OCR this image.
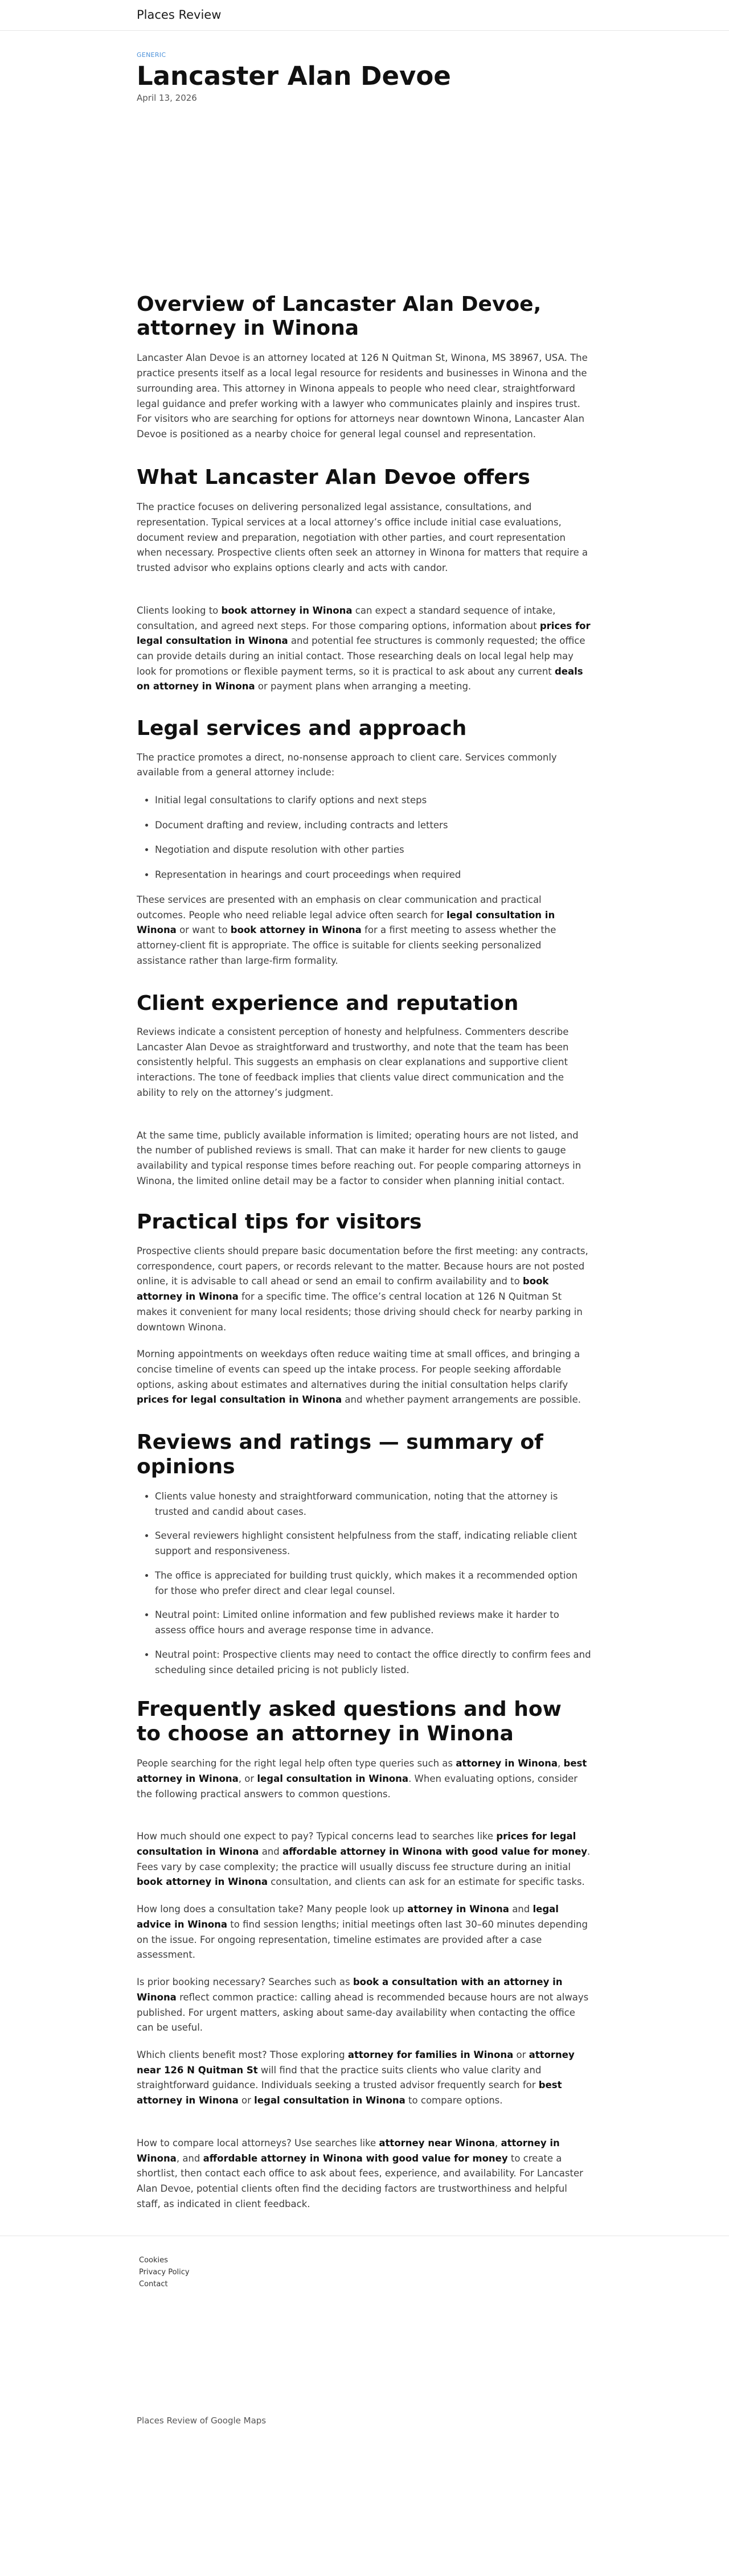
Places Review
GENERIC
Lancaster Alan Devoe
April 13, 2026
Overview of Lancaster Alan Devoe, attorney in Winona

Lancaster Alan Devoe is an attorney located at 126 N Quitman St, Winona, MS 38967, USA. The practice presents itself as a local legal resource for residents and businesses in Winona and the surrounding area. This attorney in Winona appeals to people who need clear, straightforward legal guidance and prefer working with a lawyer who communicates plainly and inspires trust. For visitors who are searching for options for attorneys near downtown Winona, Lancaster Alan Devoe is positioned as a nearby choice for general legal counsel and representation.

What Lancaster Alan Devoe offers

The practice focuses on delivering personalized legal assistance, consultations, and representation. Typical services at a local attorney’s office include initial case evaluations, document review and preparation, negotiation with other parties, and court representation when necessary. Prospective clients often seek an attorney in Winona for matters that require a trusted advisor who explains options clearly and acts with candor.

Clients looking to book attorney in Winona can expect a standard sequence of intake, consultation, and agreed next steps. For those comparing options, information about prices for legal consultation in Winona and potential fee structures is commonly requested; the office can provide details during an initial contact. Those researching deals on local legal help may look for promotions or flexible payment terms, so it is practical to ask about any current deals on attorney in Winona or payment plans when arranging a meeting.

Legal services and approach

The practice promotes a direct, no-nonsense approach to client care. Services commonly available from a general attorney include:

• Initial legal consultations to clarify options and next steps
• Document drafting and review, including contracts and letters
• Negotiation and dispute resolution with other parties
• Representation in hearings and court proceedings when required

These services are presented with an emphasis on clear communication and practical outcomes. People who need reliable legal advice often search for legal consultation in Winona or want to book attorney in Winona for a first meeting to assess whether the attorney-client fit is appropriate. The office is suitable for clients seeking personalized assistance rather than large-firm formality.

Client experience and reputation

Reviews indicate a consistent perception of honesty and helpfulness. Commenters describe Lancaster Alan Devoe as straightforward and trustworthy, and note that the team has been consistently helpful. This suggests an emphasis on clear explanations and supportive client interactions. The tone of feedback implies that clients value direct communication and the ability to rely on the attorney’s judgment.

At the same time, publicly available information is limited; operating hours are not listed, and the number of published reviews is small. That can make it harder for new clients to gauge availability and typical response times before reaching out. For people comparing attorneys in Winona, the limited online detail may be a factor to consider when planning initial contact.

Practical tips for visitors

Prospective clients should prepare basic documentation before the first meeting: any contracts, correspondence, court papers, or records relevant to the matter. Because hours are not posted online, it is advisable to call ahead or send an email to confirm availability and to book attorney in Winona for a specific time. The office’s central location at 126 N Quitman St makes it convenient for many local residents; those driving should check for nearby parking in downtown Winona.

Morning appointments on weekdays often reduce waiting time at small offices, and bringing a concise timeline of events can speed up the intake process. For people seeking affordable options, asking about estimates and alternatives during the initial consultation helps clarify prices for legal consultation in Winona and whether payment arrangements are possible.

Reviews and ratings — summary of opinions
• Clients value honesty and straightforward communication, noting that the attorney is trusted and candid about cases.
• Several reviewers highlight consistent helpfulness from the staff, indicating reliable client support and responsiveness.
• The office is appreciated for building trust quickly, which makes it a recommended option for those who prefer direct and clear legal counsel.
• Neutral point: Limited online information and few published reviews make it harder to assess office hours and average response time in advance.
• Neutral point: Prospective clients may need to contact the office directly to confirm fees and scheduling since detailed pricing is not publicly listed.
Frequently asked questions and how to choose an attorney in Winona

People searching for the right legal help often type queries such as attorney in Winona, best attorney in Winona, or legal consultation in Winona. When evaluating options, consider the following practical answers to common questions.

How much should one expect to pay? Typical concerns lead to searches like prices for legal consultation in Winona and affordable attorney in Winona with good value for money. Fees vary by case complexity; the practice will usually discuss fee structure during an initial book attorney in Winona consultation, and clients can ask for an estimate for specific tasks.

How long does a consultation take? Many people look up attorney in Winona and legal advice in Winona to find session lengths; initial meetings often last 30–60 minutes depending on the issue. For ongoing representation, timeline estimates are provided after a case assessment.

Is prior booking necessary? Searches such as book a consultation with an attorney in Winona reflect common practice: calling ahead is recommended because hours are not always published. For urgent matters, asking about same-day availability when contacting the office can be useful.

Which clients benefit most? Those exploring attorney for families in Winona or attorney near 126 N Quitman St will find that the practice suits clients who value clarity and straightforward guidance. Individuals seeking a trusted advisor frequently search for best attorney in Winona or legal consultation in Winona to compare options.

How to compare local attorneys? Use searches like attorney near Winona, attorney in Winona, and affordable attorney in Winona with good value for money to create a shortlist, then contact each office to ask about fees, experience, and availability. For Lancaster Alan Devoe, potential clients often find the deciding factors are trustworthiness and helpful staff, as indicated in client feedback.

Cookies
Privacy Policy
Contact
Places Review of Google Maps
